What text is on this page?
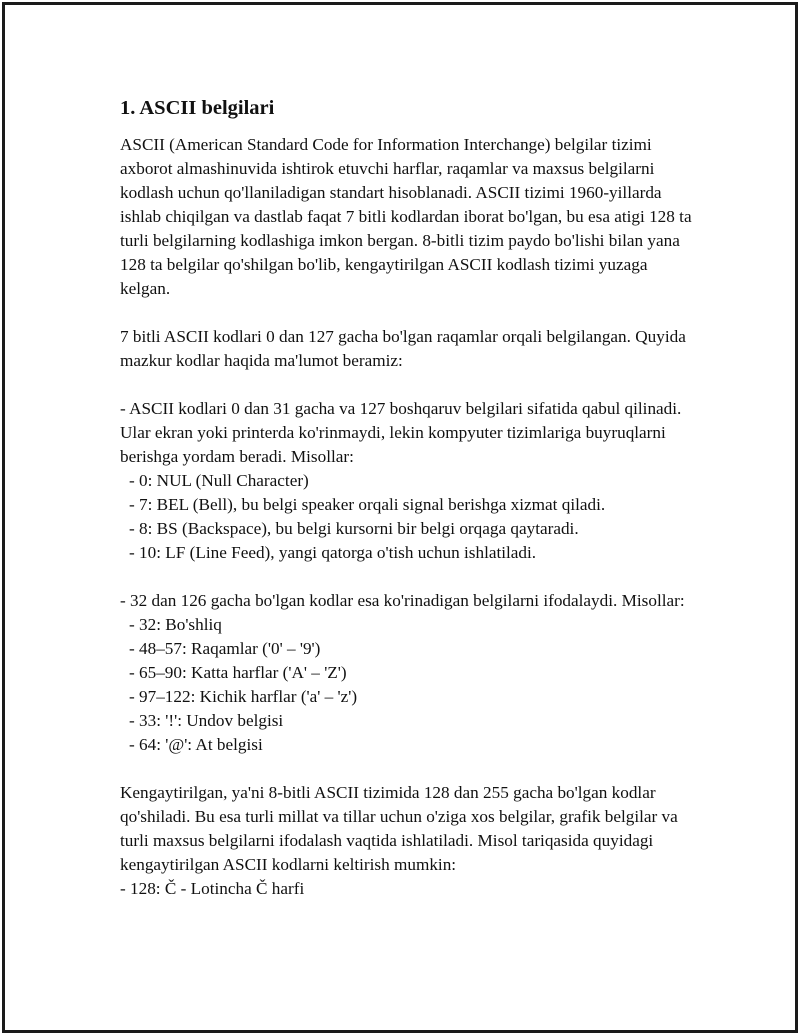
1. ASCII belgilari

ASCII (American Standard Code for Information Interchange) belgilar tizimi axborot almashinuvida ishtirok etuvchi harflar, raqamlar va maxsus belgilarni kodlash uchun qo'llaniladigan standart hisoblanadi. ASCII tizimi 1960-yillarda ishlab chiqilgan va dastlab faqat 7 bitli kodlardan iborat bo'lgan, bu esa atigi 128 ta turli belgilarning kodlashiga imkon bergan. 8-bitli tizim paydo bo'lishi bilan yana 128 ta belgilar qo'shilgan bo'lib, kengaytirilgan ASCII kodlash tizimi yuzaga kelgan.

7 bitli ASCII kodlari 0 dan 127 gacha bo'lgan raqamlar orqali belgilangan. Quyida mazkur kodlar haqida ma'lumot beramiz:

- ASCII kodlari 0 dan 31 gacha va 127 boshqaruv belgilari sifatida qabul qilinadi. Ular ekran yoki printerda ko'rinmaydi, lekin kompyuter tizimlariga buyruqlarni berishga yordam beradi. Misollar:

- 0: NUL (Null Character)

- 7: BEL (Bell), bu belgi speaker orqali signal berishga xizmat qiladi.

- 8: BS (Backspace), bu belgi kursorni bir belgi orqaga qaytaradi.

- 10: LF (Line Feed), yangi qatorga o'tish uchun ishlatiladi.

- 32 dan 126 gacha bo'lgan kodlar esa ko'rinadigan belgilarni ifodalaydi. Misollar:

- 32: Bo'shliq

- 48–57: Raqamlar ('0' – '9')

- 65–90: Katta harflar ('A' – 'Z')

- 97–122: Kichik harflar ('a' – 'z')

- 33: '!': Undov belgisi

- 64: '@': At belgisi

Kengaytirilgan, ya'ni 8-bitli ASCII tizimida 128 dan 255 gacha bo'lgan kodlar qo'shiladi. Bu esa turli millat va tillar uchun o'ziga xos belgilar, grafik belgilar va turli maxsus belgilarni ifodalash vaqtida ishlatiladi. Misol tariqasida quyidagi kengaytirilgan ASCII kodlarni keltirish mumkin:

- 128: Č - Lotincha Č harfi
